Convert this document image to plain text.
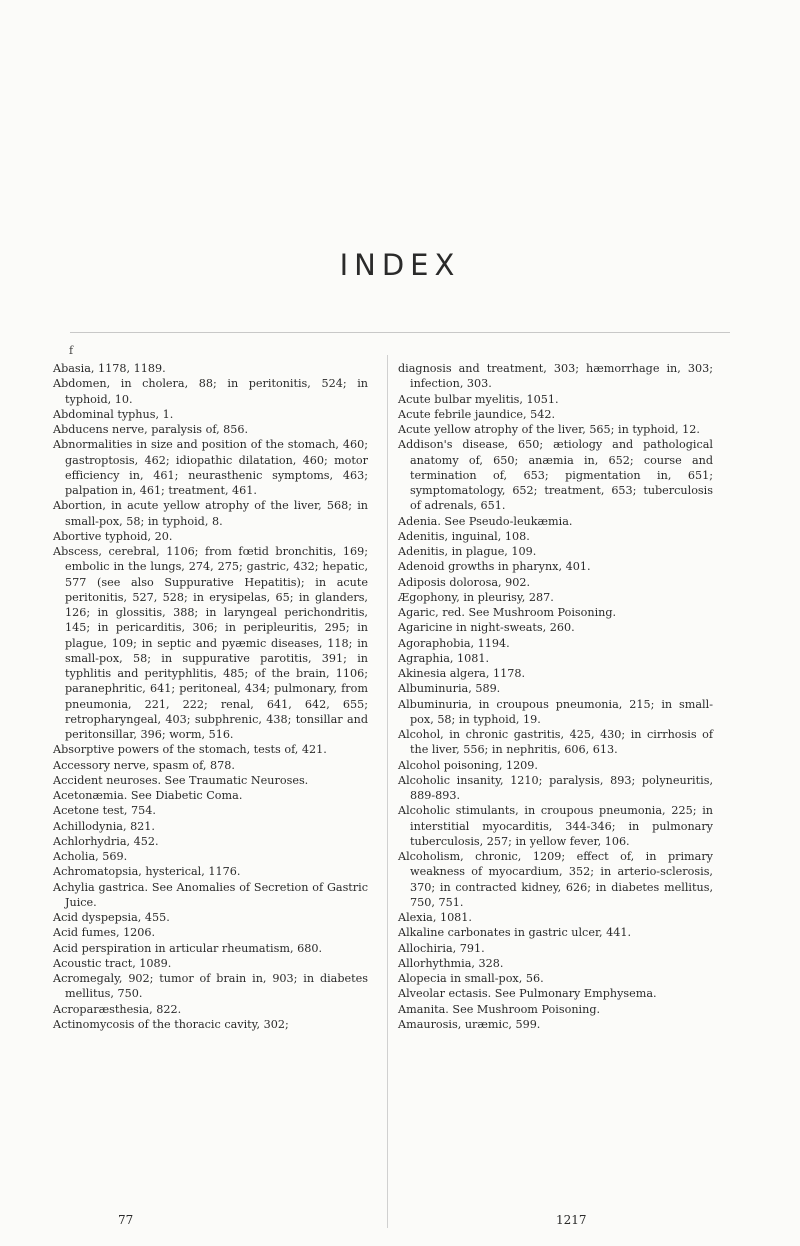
INDEX
f

Abasia, 1178, 1189.

Abdomen, in cholera, 88; in peritonitis, 524; in typhoid, 10.

Abdominal typhus, 1.

Abducens nerve, paralysis of, 856.

Abnormalities in size and position of the stomach, 460; gastroptosis, 462; idiopathic dilatation, 460; motor efficiency in, 461; neurasthenic symptoms, 463; palpation in, 461; treatment, 461.

Abortion, in acute yellow atrophy of the liver, 568; in small-pox, 58; in typhoid, 8.

Abortive typhoid, 20.

Abscess, cerebral, 1106; from fœtid bronchitis, 169; embolic in the lungs, 274, 275; gastric, 432; hepatic, 577 (see also Suppurative Hepatitis); in acute peritonitis, 527, 528; in erysipelas, 65; in glanders, 126; in glossitis, 388; in laryngeal perichondritis, 145; in pericarditis, 306; in peripleuritis, 295; in plague, 109; in septic and pyæmic diseases, 118; in small-pox, 58; in suppurative parotitis, 391; in typhlitis and perityphlitis, 485; of the brain, 1106; paranephritic, 641; peritoneal, 434; pulmonary, from pneumonia, 221, 222; renal, 641, 642, 655; retropharyngeal, 403; subphrenic, 438; tonsillar and peritonsillar, 396; worm, 516.

Absorptive powers of the stomach, tests of, 421.

Accessory nerve, spasm of, 878.

Accident neuroses. See Traumatic Neuroses.

Acetonæmia. See Diabetic Coma.

Acetone test, 754.

Achillodynia, 821.

Achlorhydria, 452.

Acholia, 569.

Achromatopsia, hysterical, 1176.

Achylia gastrica. See Anomalies of Secretion of Gastric Juice.

Acid dyspepsia, 455.

Acid fumes, 1206.

Acid perspiration in articular rheumatism, 680.

Acoustic tract, 1089.

Acromegaly, 902; tumor of brain in, 903; in diabetes mellitus, 750.

Acroparæsthesia, 822.

Actinomycosis of the thoracic cavity, 302;

diagnosis and treatment, 303; hæmorrhage in, 303; infection, 303.

Acute bulbar myelitis, 1051.

Acute febrile jaundice, 542.

Acute yellow atrophy of the liver, 565; in typhoid, 12.

Addison's disease, 650; ætiology and pathological anatomy of, 650; anæmia in, 652; course and termination of, 653; pigmentation in, 651; symptomatology, 652; treatment, 653; tuberculosis of adrenals, 651.

Adenia. See Pseudo-leukæmia.

Adenitis, inguinal, 108.

Adenitis, in plague, 109.

Adenoid growths in pharynx, 401.

Adiposis dolorosa, 902.

Ægophony, in pleurisy, 287.

Agaric, red. See Mushroom Poisoning.

Agaricine in night-sweats, 260.

Agoraphobia, 1194.

Agraphia, 1081.

Akinesia algera, 1178.

Albuminuria, 589.

Albuminuria, in croupous pneumonia, 215; in small-pox, 58; in typhoid, 19.

Alcohol, in chronic gastritis, 425, 430; in cirrhosis of the liver, 556; in nephritis, 606, 613.

Alcohol poisoning, 1209.

Alcoholic insanity, 1210; paralysis, 893; polyneuritis, 889-893.

Alcoholic stimulants, in croupous pneumonia, 225; in interstitial myocarditis, 344-346; in pulmonary tuberculosis, 257; in yellow fever, 106.

Alcoholism, chronic, 1209; effect of, in primary weakness of myocardium, 352; in arterio-sclerosis, 370; in contracted kidney, 626; in diabetes mellitus, 750, 751.

Alexia, 1081.

Alkaline carbonates in gastric ulcer, 441.

Allochiria, 791.

Allorhythmia, 328.

Alopecia in small-pox, 56.

Alveolar ectasis. See Pulmonary Emphysema.

Amanita. See Mushroom Poisoning.

Amaurosis, uræmic, 599.

77	1217
